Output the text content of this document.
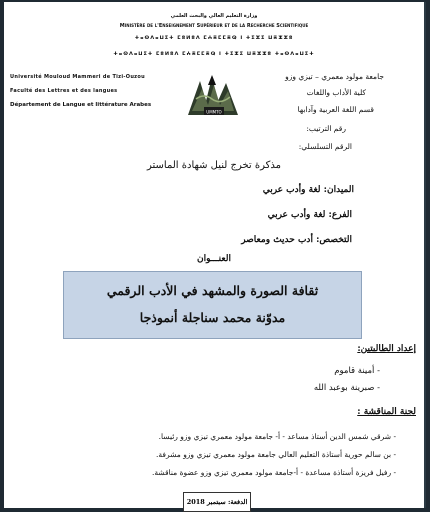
وزارة التعليم العالي والبحث العلمي
Ministère de l'Enseignement Supérieur et de la Recherche Scientifique
ⵜⴰⵙⴷⴰⵡⵉⵜ ⵎⵓⵍⵓⴷ ⵎⵄⴻⵎⵎⴻⵕ ⵏ ⵜⵉⵣⵉ ⵡⴻⵣⵣⵓ
ⵜⴰⵙⴷⴰⵡⵉⵜ ⵎⵓⵍⵓⴷ ⵎⵄⴻⵎⵎⴻⵕ ⵏ ⵜⵉⵣⵉ ⵡⴻⵣⵣⵓ ⵜⴰⵙⴷⴰⵡⵉⵜ
Université Mouloud Mammeri de Tizi-Ouzou
Faculté des Lettres et des langues
Département de Langue et littérature Arabes
UMMTO
جامعة مولود معمري – تيزي وزو
كلية الأداب واللغات
قسم اللغة العربية وآدابها
رقم الترتيب:
الرقم التسلسلي:
مذكرة تخرج لنيل شهادة الماستر
الميدان: لغة وأدب عربي
الفرع: لغة وأدب عربي
التخصص: أدب حديث ومعاصر
العنـــوان
ثقافة الصورة والمشهد في الأدب الرقمي
مدوّنة محمد سناجلة أنموذجا
إعداد الطالبتين:
- أمينة قاموم
- صبرينة بوعبد الله
لجنة المناقشة :
- شرقي شمس الدين أستاذ مساعد - أ- جامعة مولود معمري تيزي وزو رئيسا.
- بن سالم حورية أستاذة التعليم العالي جامعة مولود معمري تيزي وزو مشرفة.
- رفيل فريزة أستاذة مساعدة - أ-جامعة مولود معمري تيزي وزو عضوة مناقشة.
الدفعة: سبتمبر 2018
